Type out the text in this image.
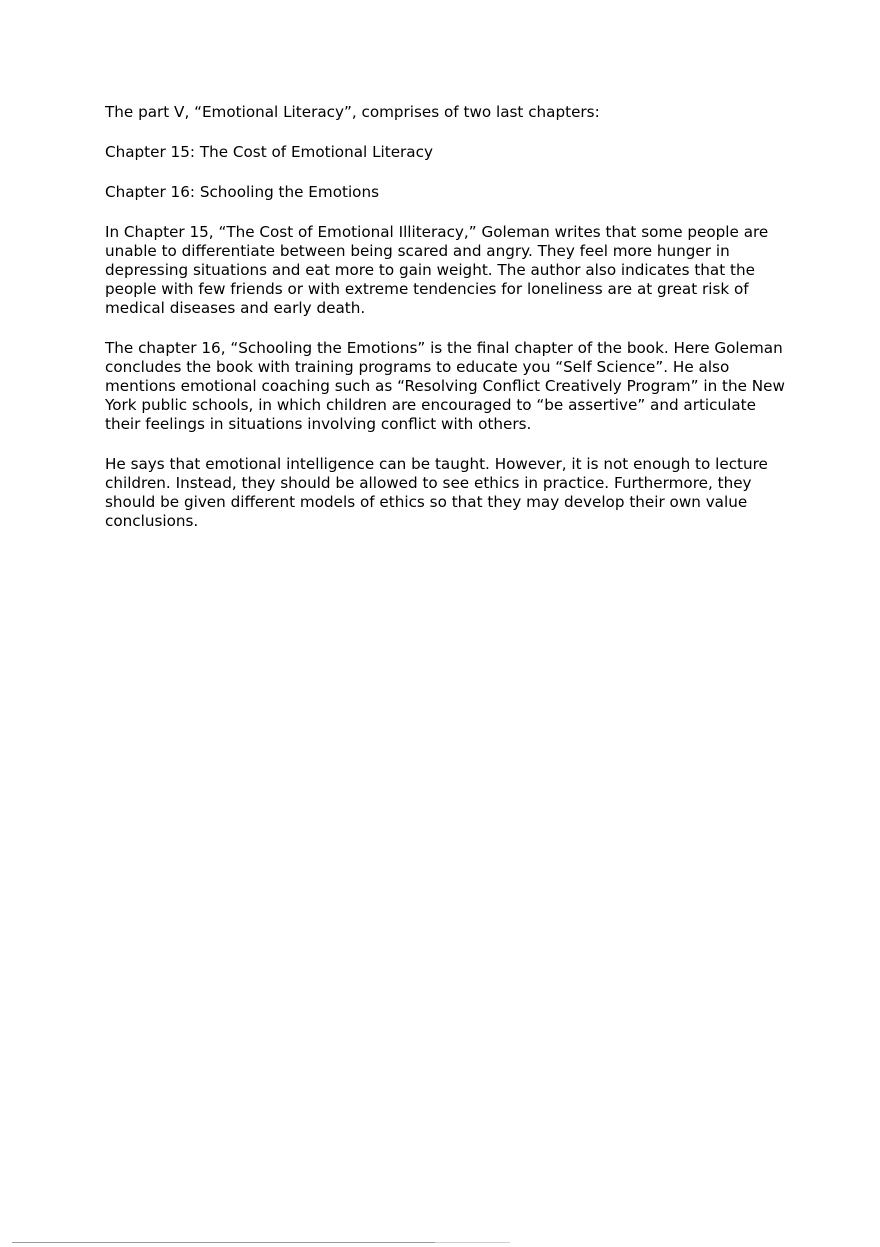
The part V, “Emotional Literacy”, comprises of two last chapters:

Chapter 15: The Cost of Emotional Literacy

Chapter 16: Schooling the Emotions

In Chapter 15, “The Cost of Emotional Illiteracy,” Goleman writes that some people are unable to differentiate between being scared and angry. They feel more hunger in depressing situations and eat more to gain weight. The author also indicates that the people with few friends or with extreme tendencies for loneliness are at great risk of medical diseases and early death.

The chapter 16, “Schooling the Emotions” is the final chapter of the book. Here Goleman concludes the book with training programs to educate you “Self Science”. He also mentions emotional coaching such as “Resolving Conflict Creatively Program” in the New York public schools, in which children are encouraged to “be assertive” and articulate their feelings in situations involving conflict with others.

He says that emotional intelligence can be taught. However, it is not enough to lecture children. Instead, they should be allowed to see ethics in practice. Furthermore, they should be given different models of ethics so that they may develop their own value conclusions.
